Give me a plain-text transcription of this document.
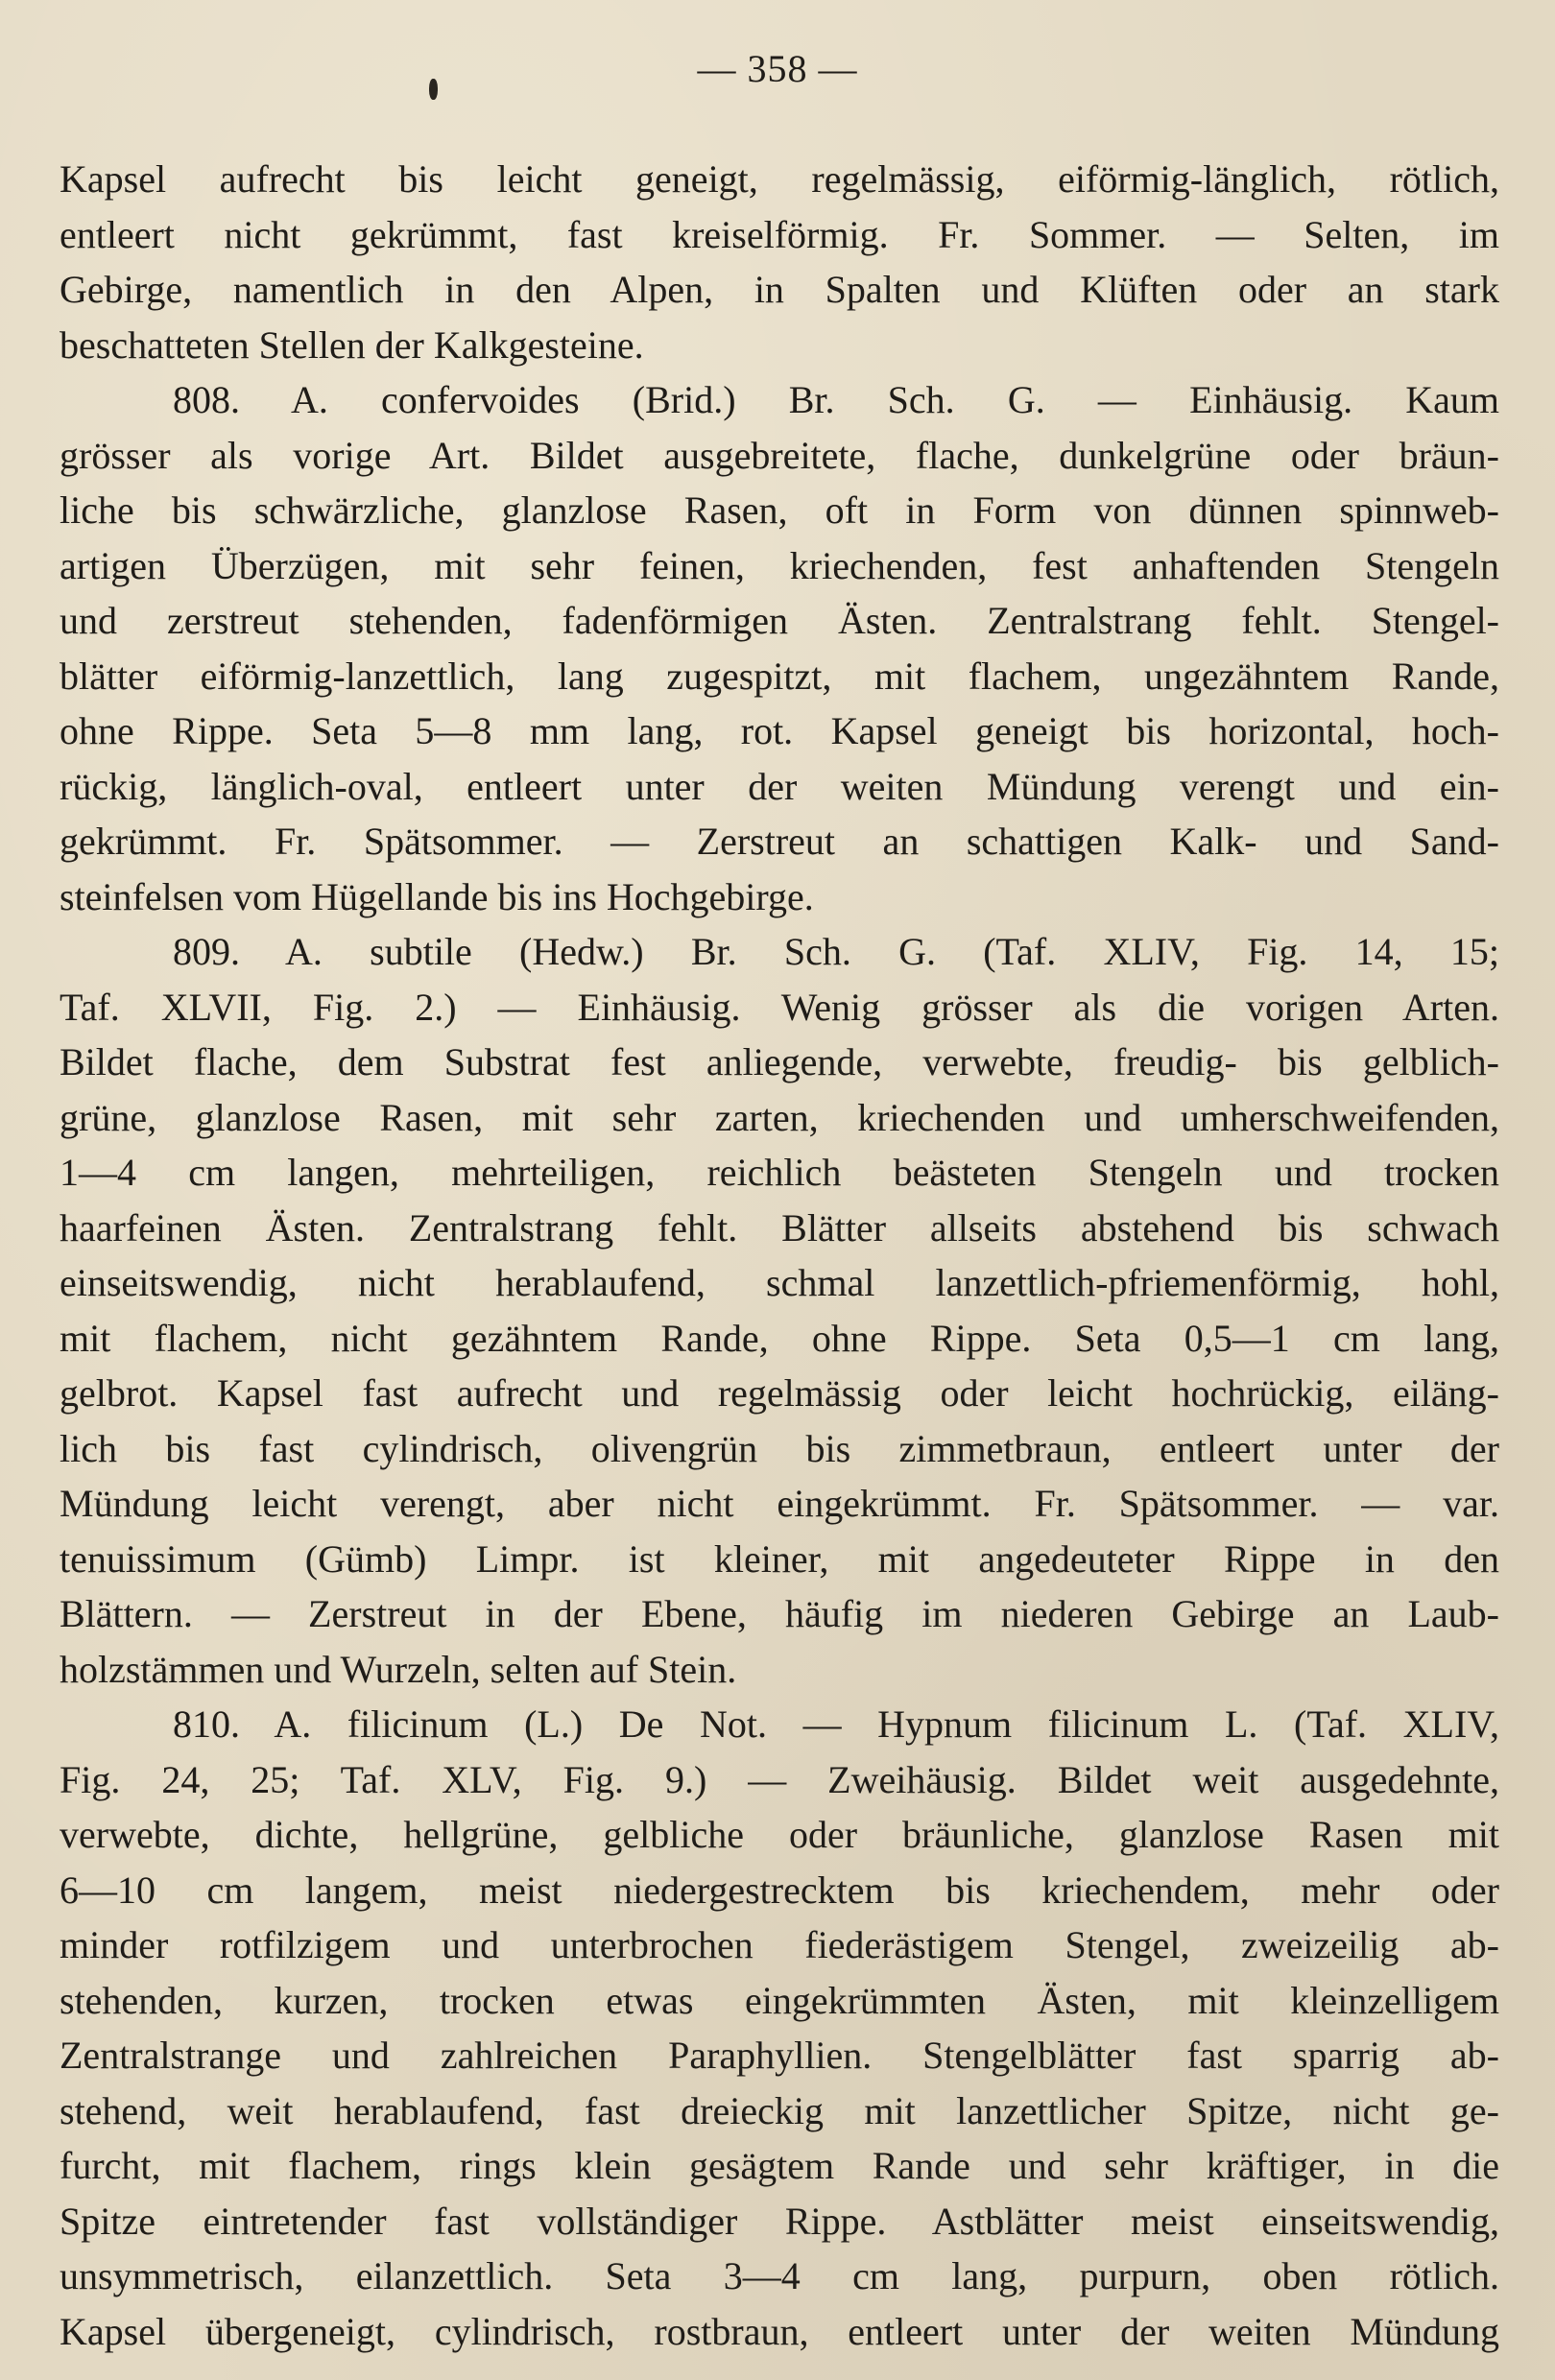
— 358 —
Kapsel aufrecht bis leicht geneigt, regelmässig, eiförmig-länglich, rötlich,
entleert nicht gekrümmt, fast kreiselförmig. Fr. Sommer. — Selten, im
Gebirge, namentlich in den Alpen, in Spalten und Klüften oder an stark
beschatteten Stellen der Kalkgesteine.
808. A. confervoides (Brid.) Br. Sch. G. — Einhäusig. Kaum
grösser als vorige Art. Bildet ausgebreitete, flache, dunkelgrüne oder bräun-
liche bis schwärzliche, glanzlose Rasen, oft in Form von dünnen spinnweb-
artigen Überzügen, mit sehr feinen, kriechenden, fest anhaftenden Stengeln
und zerstreut stehenden, fadenförmigen Ästen. Zentralstrang fehlt. Stengel-
blätter eiförmig-lanzettlich, lang zugespitzt, mit flachem, ungezähntem Rande,
ohne Rippe. Seta 5—8 mm lang, rot. Kapsel geneigt bis horizontal, hoch-
rückig, länglich-oval, entleert unter der weiten Mündung verengt und ein-
gekrümmt. Fr. Spätsommer. — Zerstreut an schattigen Kalk- und Sand-
steinfelsen vom Hügellande bis ins Hochgebirge.
809. A. subtile (Hedw.) Br. Sch. G. (Taf. XLIV, Fig. 14, 15;
Taf. XLVII, Fig. 2.) — Einhäusig. Wenig grösser als die vorigen Arten.
Bildet flache, dem Substrat fest anliegende, verwebte, freudig- bis gelblich-
grüne, glanzlose Rasen, mit sehr zarten, kriechenden und umherschweifenden,
1—4 cm langen, mehrteiligen, reichlich beästeten Stengeln und trocken
haarfeinen Ästen. Zentralstrang fehlt. Blätter allseits abstehend bis schwach
einseitswendig, nicht herablaufend, schmal lanzettlich-pfriemenförmig, hohl,
mit flachem, nicht gezähntem Rande, ohne Rippe. Seta 0,5—1 cm lang,
gelbrot. Kapsel fast aufrecht und regelmässig oder leicht hochrückig, eiläng-
lich bis fast cylindrisch, olivengrün bis zimmetbraun, entleert unter der
Mündung leicht verengt, aber nicht eingekrümmt. Fr. Spätsommer. — var.
tenuissimum (Gümb) Limpr. ist kleiner, mit angedeuteter Rippe in den
Blättern. — Zerstreut in der Ebene, häufig im niederen Gebirge an Laub-
holzstämmen und Wurzeln, selten auf Stein.
810. A. filicinum (L.) De Not. — Hypnum filicinum L. (Taf. XLIV,
Fig. 24, 25; Taf. XLV, Fig. 9.) — Zweihäusig. Bildet weit ausgedehnte,
verwebte, dichte, hellgrüne, gelbliche oder bräunliche, glanzlose Rasen mit
6—10 cm langem, meist niedergestrecktem bis kriechendem, mehr oder
minder rotfilzigem und unterbrochen fiederästigem Stengel, zweizeilig ab-
stehenden, kurzen, trocken etwas eingekrümmten Ästen, mit kleinzelligem
Zentralstrange und zahlreichen Paraphyllien. Stengelblätter fast sparrig ab-
stehend, weit herablaufend, fast dreieckig mit lanzettlicher Spitze, nicht ge-
furcht, mit flachem, rings klein gesägtem Rande und sehr kräftiger, in die
Spitze eintretender fast vollständiger Rippe. Astblätter meist einseitswendig,
unsymmetrisch, eilanzettlich. Seta 3—4 cm lang, purpurn, oben rötlich.
Kapsel übergeneigt, cylindrisch, rostbraun, entleert unter der weiten Mündung
